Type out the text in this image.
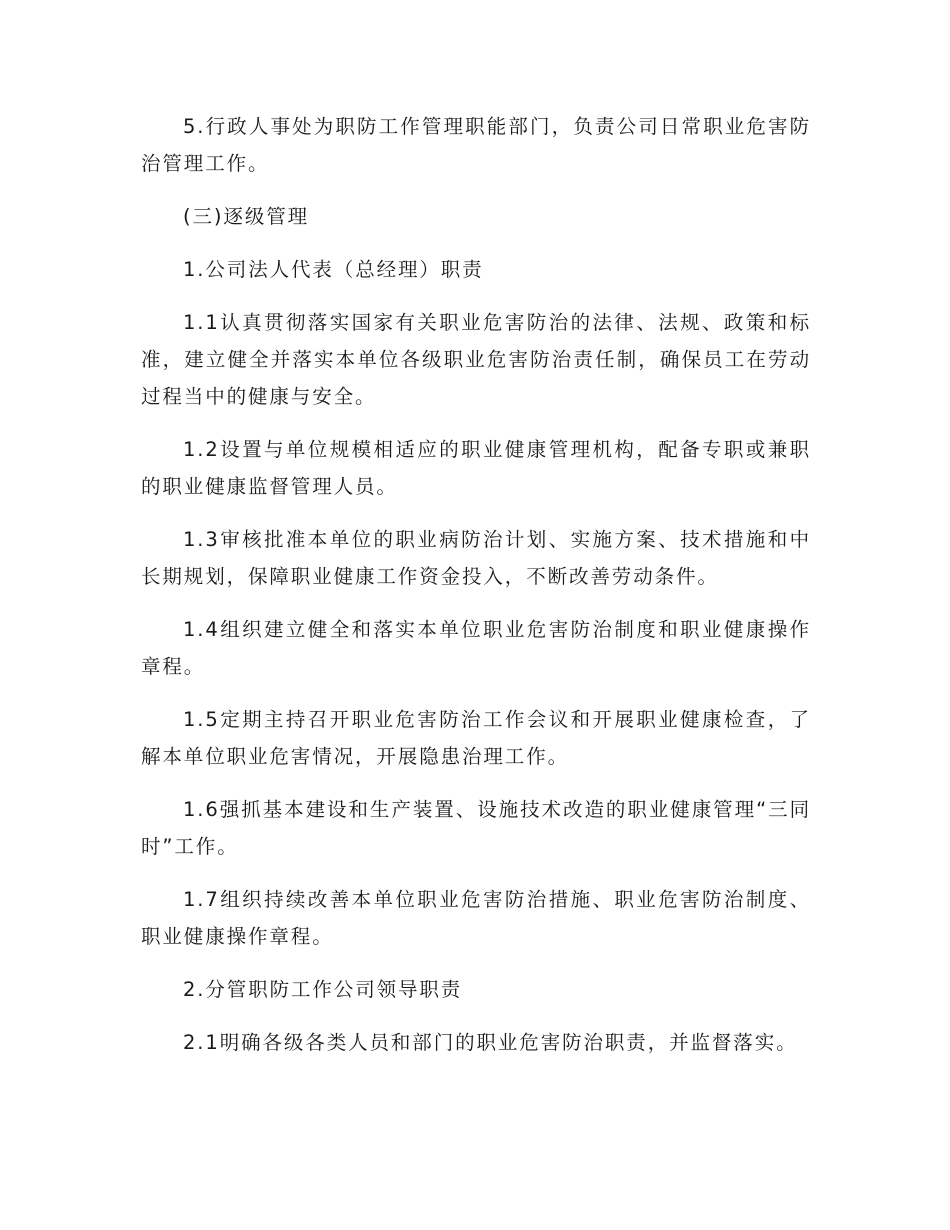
5.行政人事处为职防工作管理职能部门，负责公司日常职业危害防治管理工作。

(三)逐级管理

1.公司法人代表（总经理）职责

1.1认真贯彻落实国家有关职业危害防治的法律、法规、政策和标准，建立健全并落实本单位各级职业危害防治责任制，确保员工在劳动过程当中的健康与安全。

1.2设置与单位规模相适应的职业健康管理机构，配备专职或兼职的职业健康监督管理人员。

1.3审核批准本单位的职业病防治计划、实施方案、技术措施和中长期规划，保障职业健康工作资金投入，不断改善劳动条件。

1.4组织建立健全和落实本单位职业危害防治制度和职业健康操作章程。

1.5定期主持召开职业危害防治工作会议和开展职业健康检查，了解本单位职业危害情况，开展隐患治理工作。

1.6强抓基本建设和生产装置、设施技术改造的职业健康管理“三同时”工作。

1.7组织持续改善本单位职业危害防治措施、职业危害防治制度、职业健康操作章程。

2.分管职防工作公司领导职责

2.1明确各级各类人员和部门的职业危害防治职责，并监督落实。
